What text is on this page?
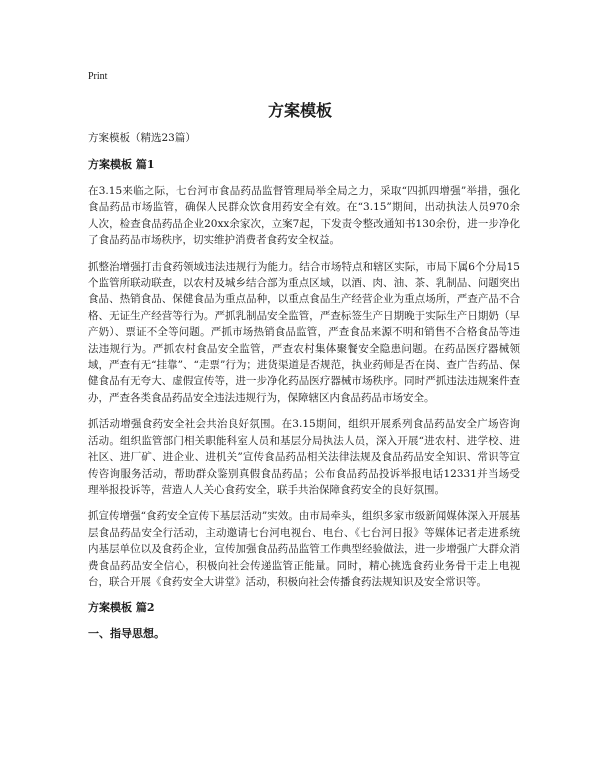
Print
方案模板

方案模板（精选23篇）

方案模板 篇1

在3.15来临之际，七台河市食品药品监督管理局举全局之力，采取“四抓四增强”举措，强化食品药品市场监管，确保人民群众饮食用药安全有效。在“3.15”期间，出动执法人员970余人次，检查食品药品企业20xx余家次，立案7起，下发责令整改通知书130余份，进一步净化了食品药品市场秩序，切实维护消费者食药安全权益。

抓整治增强打击食药领域违法违规行为能力。结合市场特点和辖区实际，市局下属6个分局15个监管所联动联查，以农村及城乡结合部为重点区域，以酒、肉、油、茶、乳制品、问题突出食品、热销食品、保健食品为重点品种，以重点食品生产经营企业为重点场所，严查产品不合格、无证生产经营等行为。严抓乳制品安全监管，严查标签生产日期晚于实际生产日期奶（早产奶）、票证不全等问题。严抓市场热销食品监管，严查食品来源不明和销售不合格食品等违法违规行为。严抓农村食品安全监管，严查农村集体聚餐安全隐患问题。在药品医疗器械领域，严查有无“挂靠”、“走票”行为；进货渠道是否规范，执业药师是否在岗、查广告药品、保健食品有无夸大、虚假宣传等，进一步净化药品医疗器械市场秩序。同时严抓违法违规案件查办，严查各类食品药品安全违法违规行为，保障辖区内食品药品市场安全。

抓活动增强食药安全社会共治良好氛围。在3.15期间，组织开展系列食品药品安全广场咨询活动。组织监管部门相关职能科室人员和基层分局执法人员，深入开展“进农村、进学校、进社区、进厂矿、进企业、进机关”宣传食品药品相关法律法规及食品药品安全知识、常识等宣传咨询服务活动，帮助群众鉴别真假食品药品；公布食品药品投诉举报电话12331并当场受理举报投诉等，营造人人关心食药安全，联手共治保障食药安全的良好氛围。

抓宣传增强“食药安全宣传下基层活动”实效。由市局牵头，组织多家市级新闻媒体深入开展基层食品药品安全行活动，主动邀请七台河电视台、电台、《七台河日报》等媒体记者走进系统内基层单位以及食药企业，宣传加强食品药品监管工作典型经验做法，进一步增强广大群众消费食品药品安全信心，积极向社会传递监管正能量。同时，精心挑选食药业务骨干走上电视台，联合开展《食药安全大讲堂》活动，积极向社会传播食药法规知识及安全常识等。

方案模板 篇2

一、指导思想。
